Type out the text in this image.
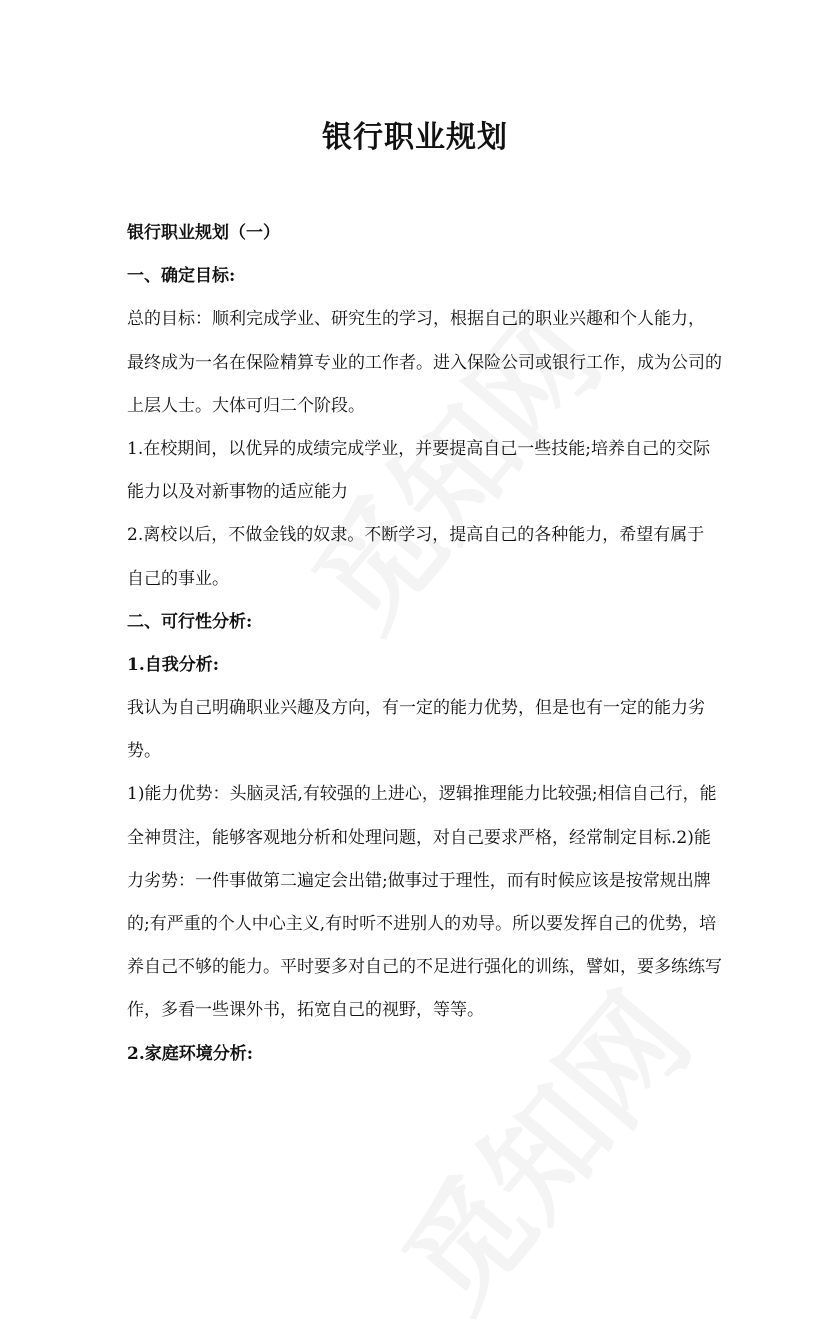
银行职业规划
银行职业规划（一）
一、确定目标:
总的目标：顺利完成学业、研究生的学习，根据自己的职业兴趣和个人能力，
最终成为一名在保险精算专业的工作者。进入保险公司或银行工作，成为公司的
上层人士。大体可归二个阶段。
1.在校期间，以优异的成绩完成学业，并要提高自己一些技能;培养自己的交际
能力以及对新事物的适应能力
2.离校以后，不做金钱的奴隶。不断学习，提高自己的各种能力，希望有属于
自己的事业。
二、可行性分析:
1.自我分析:
我认为自己明确职业兴趣及方向，有一定的能力优势，但是也有一定的能力劣
势。
1)能力优势：头脑灵活,有较强的上进心，逻辑推理能力比较强;相信自己行，能
全神贯注，能够客观地分析和处理问题，对自己要求严格，经常制定目标.2)能
力劣势：一件事做第二遍定会出错;做事过于理性，而有时候应该是按常规出牌
的;有严重的个人中心主义,有时听不进别人的劝导。所以要发挥自己的优势，培
养自己不够的能力。平时要多对自己的不足进行强化的训练，譬如，要多练练写
作，多看一些课外书，拓宽自己的视野，等等。
2.家庭环境分析:
